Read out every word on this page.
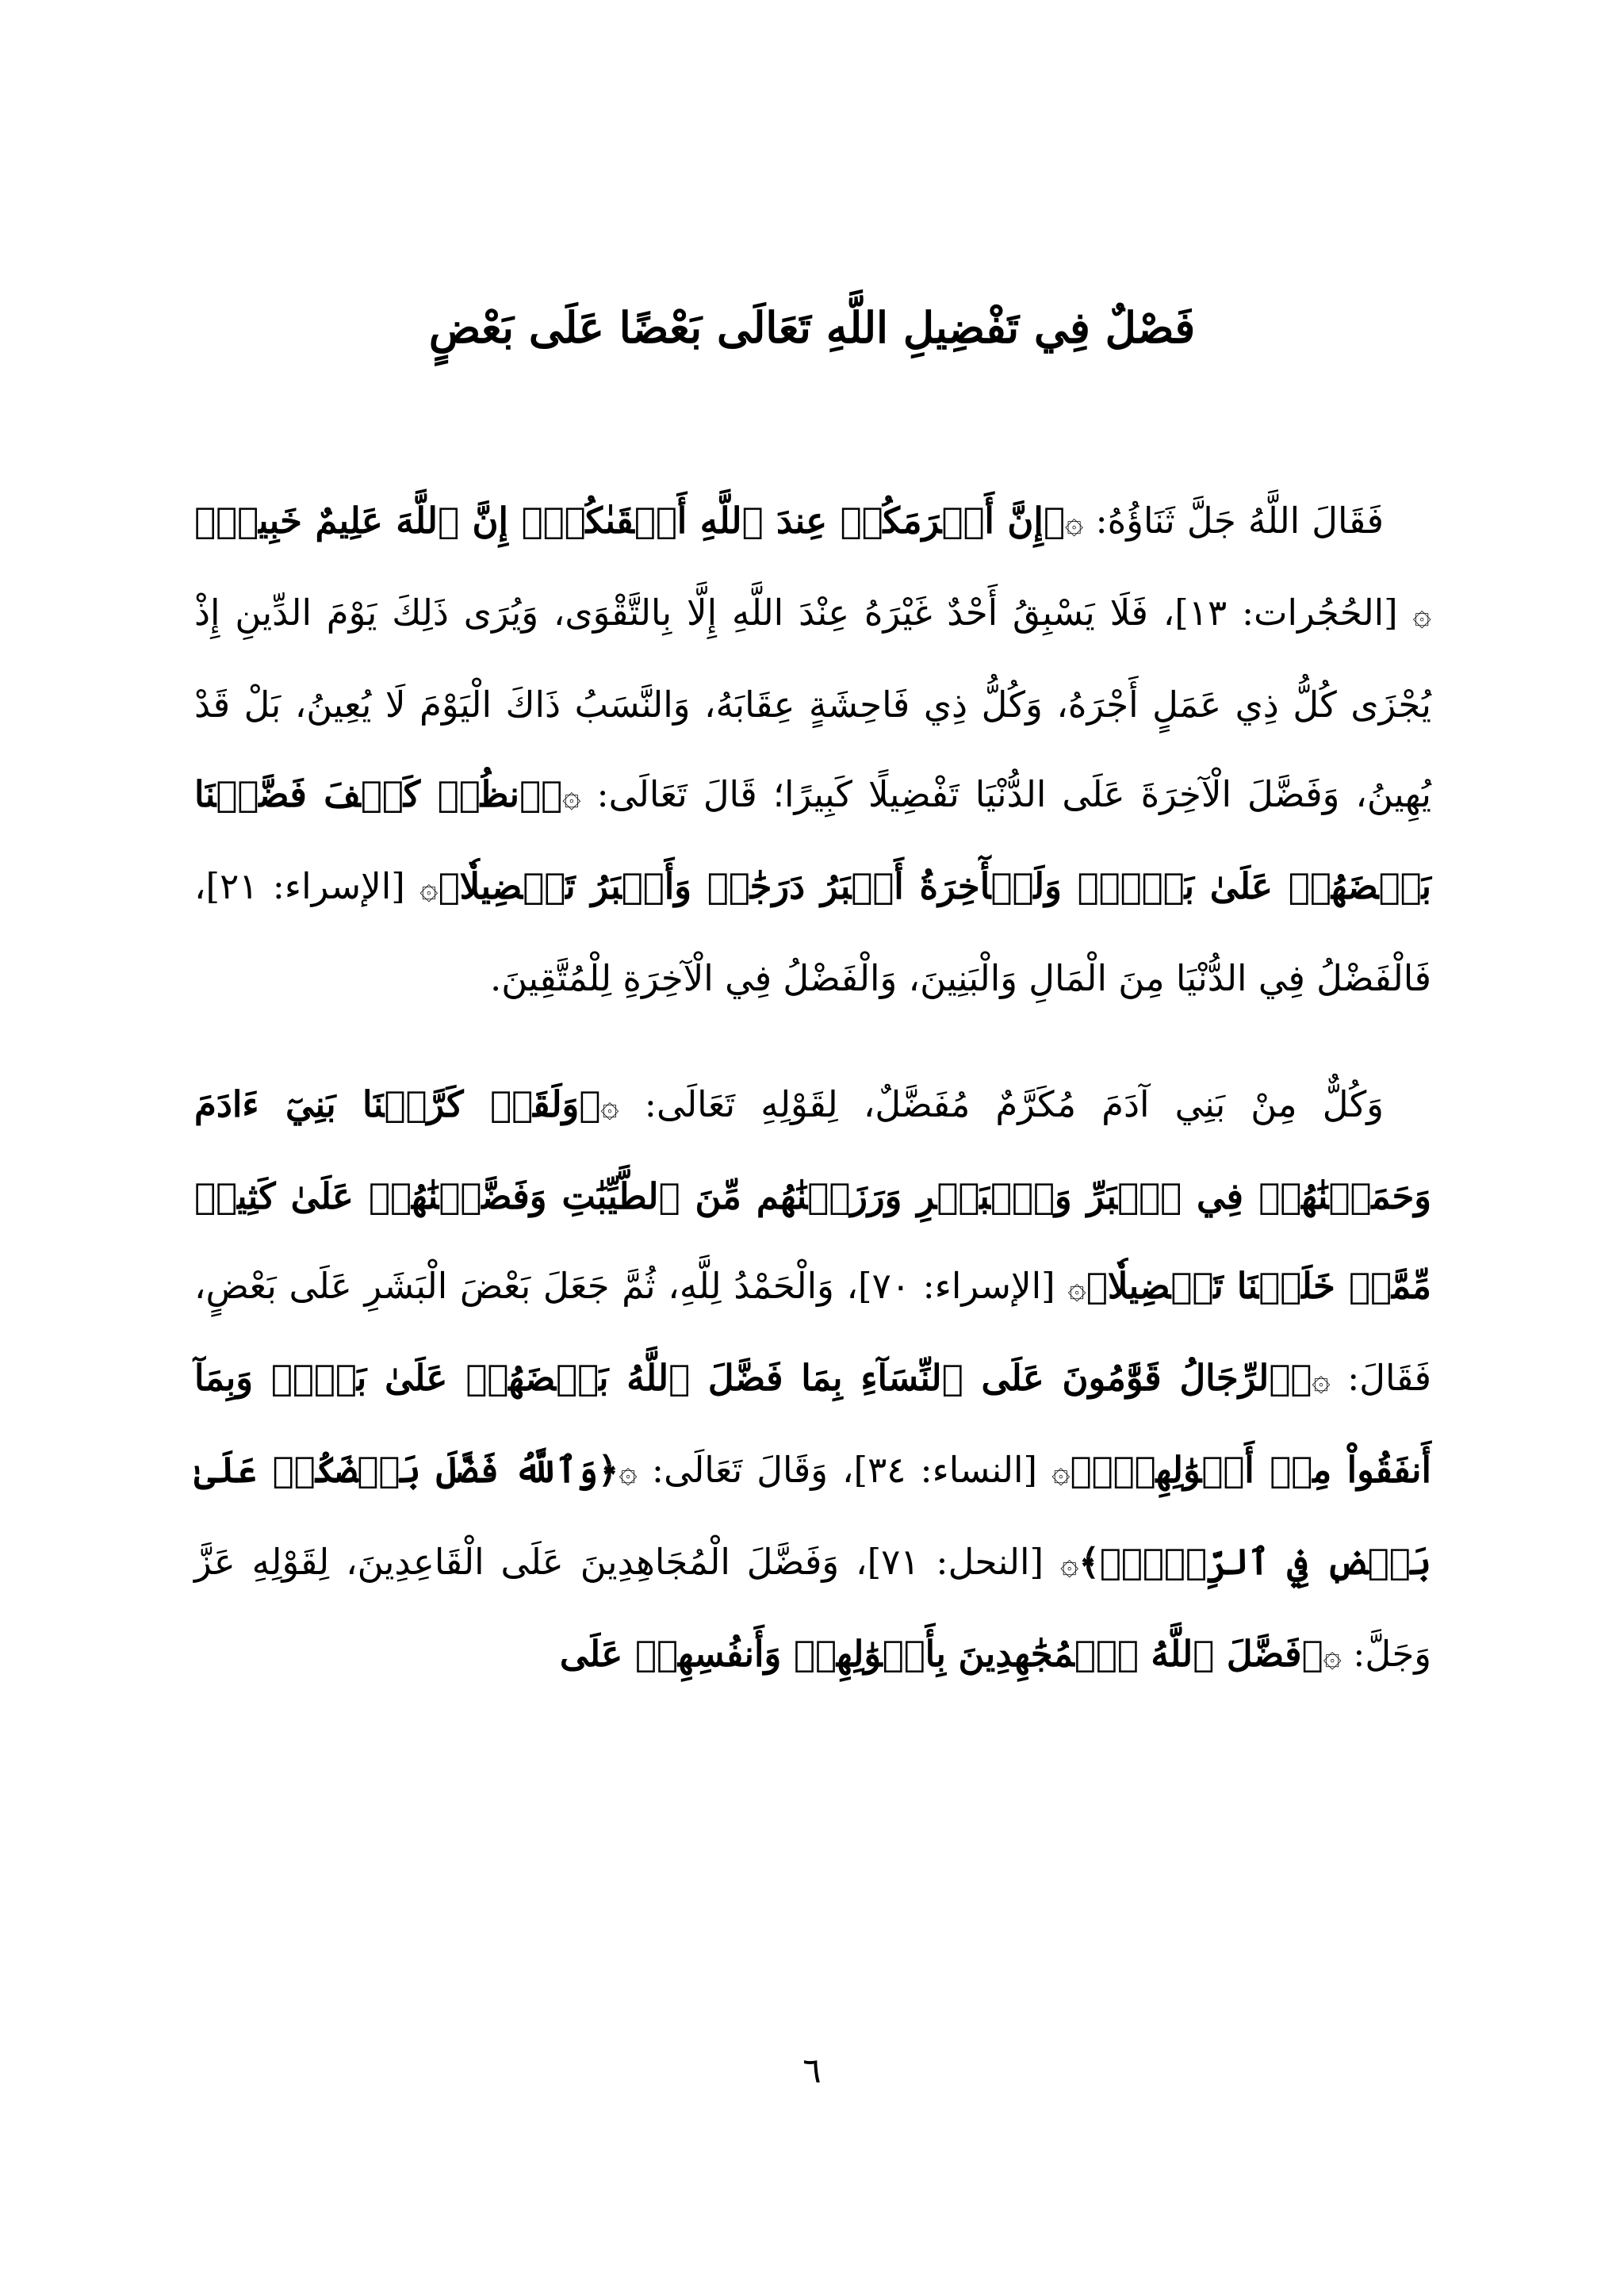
فَصْلٌ فِي تَفْضِيلِ اللَّهِ تَعَالَى بَعْضًا عَلَى بَعْضٍ

فَقَالَ اللَّهُ جَلَّ ثَنَاؤُهُ: ۞﴿إِنَّ أَكۡرَمَكُمۡ عِندَ ٱللَّهِ أَتۡقَىٰكُمۡۚ إِنَّ ٱللَّهَ عَلِيمٌ خَبِيرٞ﴾۞ [الحُجُرات: ١٣]، فَلَا يَسْبِقُ أَحْدٌ غَيْرَهُ عِنْدَ اللَّهِ إِلَّا بِالتَّقْوَى، وَيُرَى ذَلِكَ يَوْمَ الدِّينِ إِذْ يُجْزَى كُلُّ ذِي عَمَلٍ أَجْرَهُ، وَكُلُّ ذِي فَاحِشَةٍ عِقَابَهُ، وَالنَّسَبُ ذَاكَ الْيَوْمَ لَا يُعِينُ، بَلْ قَدْ يُهِينُ، وَفَضَّلَ الْآخِرَةَ عَلَى الدُّنْيَا تَفْضِيلًا كَبِيرًا؛ قَالَ تَعَالَى: ۞﴿ٱنظُرۡ كَيۡفَ فَضَّلۡنَا بَعۡضَهُمۡ عَلَىٰ بَعۡضٖۚ وَلَلۡأٓخِرَةُ أَكۡبَرُ دَرَجَٰتٖ وَأَكۡبَرُ تَفۡضِيلٗا﴾۞ [الإسراء: ٢١]، فَالْفَضْلُ فِي الدُّنْيَا مِنَ الْمَالِ وَالْبَنِينَ، وَالْفَضْلُ فِي الْآخِرَةِ لِلْمُتَّقِينَ.

وَكُلٌّ مِنْ بَنِي آدَمَ مُكَرَّمٌ مُفَضَّلٌ، لِقَوْلِهِ تَعَالَى: ۞﴿وَلَقَدۡ كَرَّمۡنَا بَنِيٓ ءَادَمَ وَحَمَلۡنَٰهُمۡ فِي ٱلۡبَرِّ وَٱلۡبَحۡرِ وَرَزَقۡنَٰهُم مِّنَ ٱلطَّيِّبَٰتِ وَفَضَّلۡنَٰهُمۡ عَلَىٰ كَثِيرٖ مِّمَّنۡ خَلَقۡنَا تَفۡضِيلٗا﴾۞ [الإسراء: ٧٠]، وَالْحَمْدُ لِلَّهِ، ثُمَّ جَعَلَ بَعْضَ الْبَشَرِ عَلَى بَعْضٍ، فَقَالَ: ۞﴿ٱلرِّجَالُ قَوَّٰمُونَ عَلَى ٱلنِّسَآءِ بِمَا فَضَّلَ ٱللَّهُ بَعۡضَهُمۡ عَلَىٰ بَعۡضٖ وَبِمَآ أَنفَقُواْ مِنۡ أَمۡوَٰلِهِمۡۚ﴾۞ [النساء: ٣٤]، وَقَالَ تَعَالَى: ۞﴿وَٱللَّهُ فَضَّلَ بَعۡضَكُمۡ عَلَىٰ بَعۡضٖ فِي ٱلرِّزۡقِۚ﴾۞ [النحل: ٧١]، وَفَضَّلَ الْمُجَاهِدِينَ عَلَى الْقَاعِدِينَ، لِقَوْلِهِ عَزَّ وَجَلَّ: ۞﴿فَضَّلَ ٱللَّهُ ٱلۡمُجَٰهِدِينَ بِأَمۡوَٰلِهِمۡ وَأَنفُسِهِمۡ عَلَى

٦
